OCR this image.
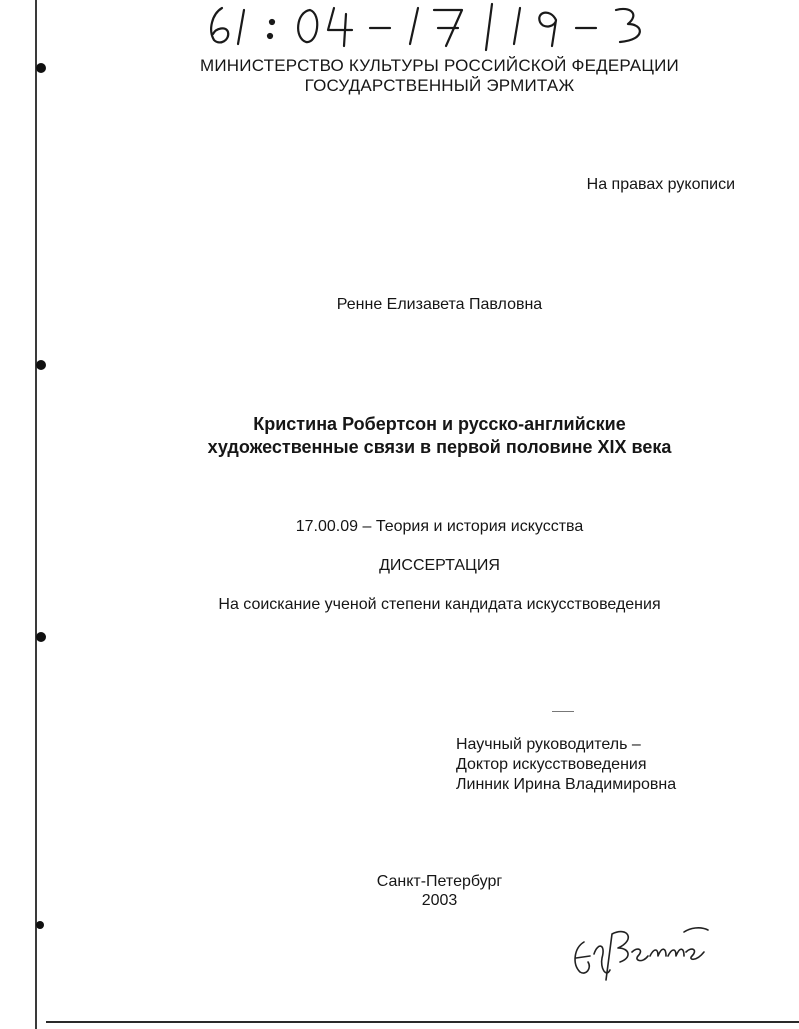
МИНИСТЕРСТВО КУЛЬТУРЫ РОССИЙСКОЙ ФЕДЕРАЦИИ
ГОСУДАРСТВЕННЫЙ ЭРМИТАЖ
На правах рукописи
Ренне Елизавета Павловна
Кристина Робертсон и русско-английские
художественные связи в первой половине XIX века
17.00.09 – Теория и история искусства
ДИССЕРТАЦИЯ
На соискание ученой степени кандидата искусствоведения
Научный руководитель –
Доктор искусствоведения
Линник Ирина Владимировна
Санкт-Петербург
2003
